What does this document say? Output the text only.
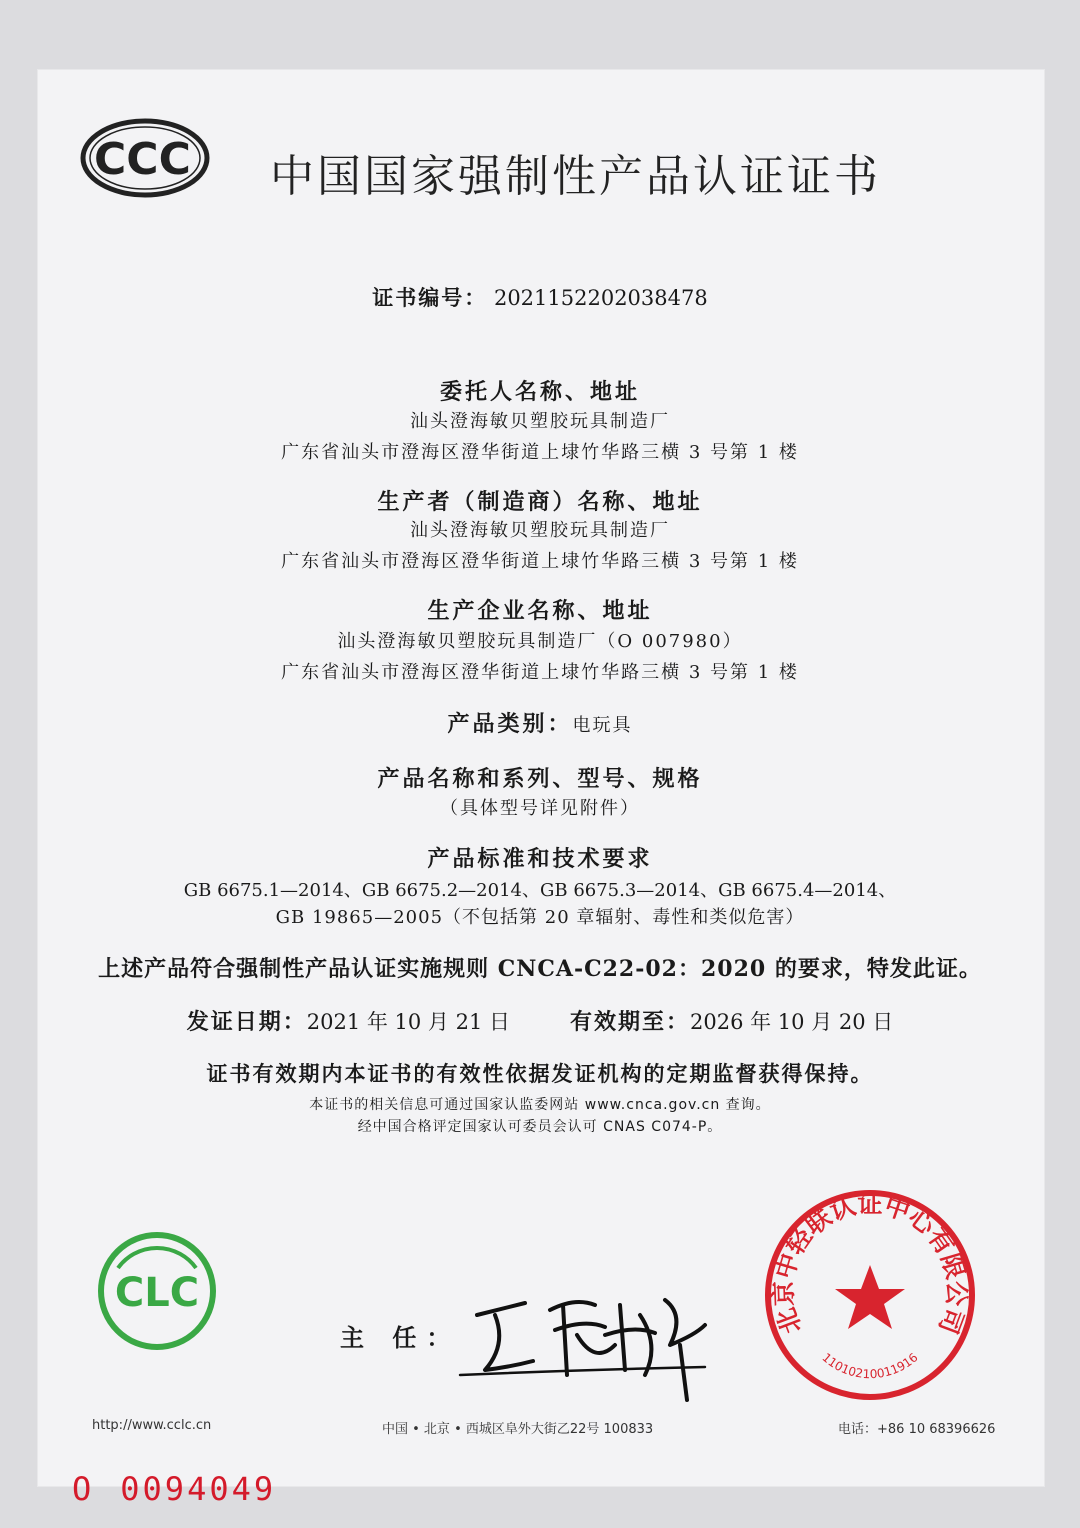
CCC 中国国家强制性产品认证证书
证书编号： 2021152202038478
委托人名称、地址
汕头澄海敏贝塑胶玩具制造厂
广东省汕头市澄海区澄华街道上埭竹华路三横 3 号第 1 楼
生产者（制造商）名称、地址
汕头澄海敏贝塑胶玩具制造厂
广东省汕头市澄海区澄华街道上埭竹华路三横 3 号第 1 楼
生产企业名称、地址
汕头澄海敏贝塑胶玩具制造厂（O 007980）
广东省汕头市澄海区澄华街道上埭竹华路三横 3 号第 1 楼
产品类别：电玩具
产品名称和系列、型号、规格
（具体型号详见附件）
产品标准和技术要求
GB 6675.1—2014、GB 6675.2—2014、GB 6675.3—2014、GB 6675.4—2014、
GB 19865—2005（不包括第 20 章辐射、毒性和类似危害）
上述产品符合强制性产品认证实施规则 CNCA-C22-02：2020 的要求，特发此证。
发证日期：2021 年 10 月 21 日	有效期至：2026 年 10 月 20 日
证书有效期内本证书的有效性依据发证机构的定期监督获得保持。
本证书的相关信息可通过国家认监委网站 www.cnca.gov.cn 查询。
经中国合格评定国家认可委员会认可 CNAS C074-P。
CLC
主 任：	北京中轻联认证中心有限公司
11010210011916
http://www.cclc.cn	中国 • 北京 • 西城区阜外大街乙22号 100833	电话：+86 10 68396626
O 0094049
